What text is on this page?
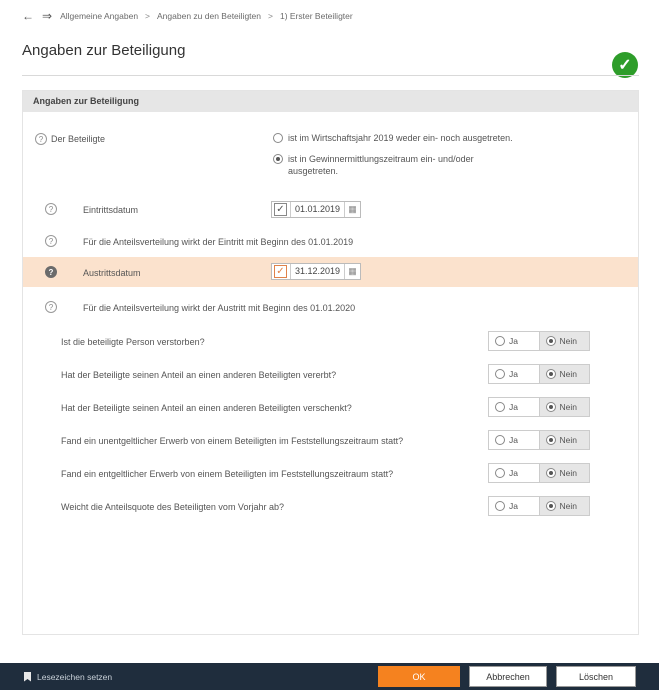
← ⇒ Allgemeine Angaben > Angaben zu den Beteiligten > 1) Erster Beteiligter
Angaben zur Beteiligung
✓
Angaben zur Beteiligung
? Der Beteiligte	ist im Wirtschaftsjahr 2019 weder ein- noch ausgetreten.
ist in Gewinnermittlungszeitraum ein- und/oder
ausgetreten.
?	Eintrittsdatum	✓	01.01.2019 ▦
?	Für die Anteilsverteilung wirkt der Eintritt mit Beginn des 01.01.2019
?	Austrittsdatum	✓	31.12.2019 ▦
?	Für die Anteilsverteilung wirkt der Austritt mit Beginn des 01.01.2020
Ist die beteiligte Person verstorben?	Ja	Nein
Hat der Beteiligte seinen Anteil an einen anderen Beteiligten vererbt?	Ja	Nein
Hat der Beteiligte seinen Anteil an einen anderen Beteiligten verschenkt?	Ja	Nein
Fand ein unentgeltlicher Erwerb von einem Beteiligten im Feststellungszeitraum statt?	Ja	Nein
Fand ein entgeltlicher Erwerb von einem Beteiligten im Feststellungszeitraum statt?	Ja	Nein
Weicht die Anteilsquote des Beteiligten vom Vorjahr ab?	Ja	Nein
Lesezeichen setzen	OK	Abbrechen	Löschen
